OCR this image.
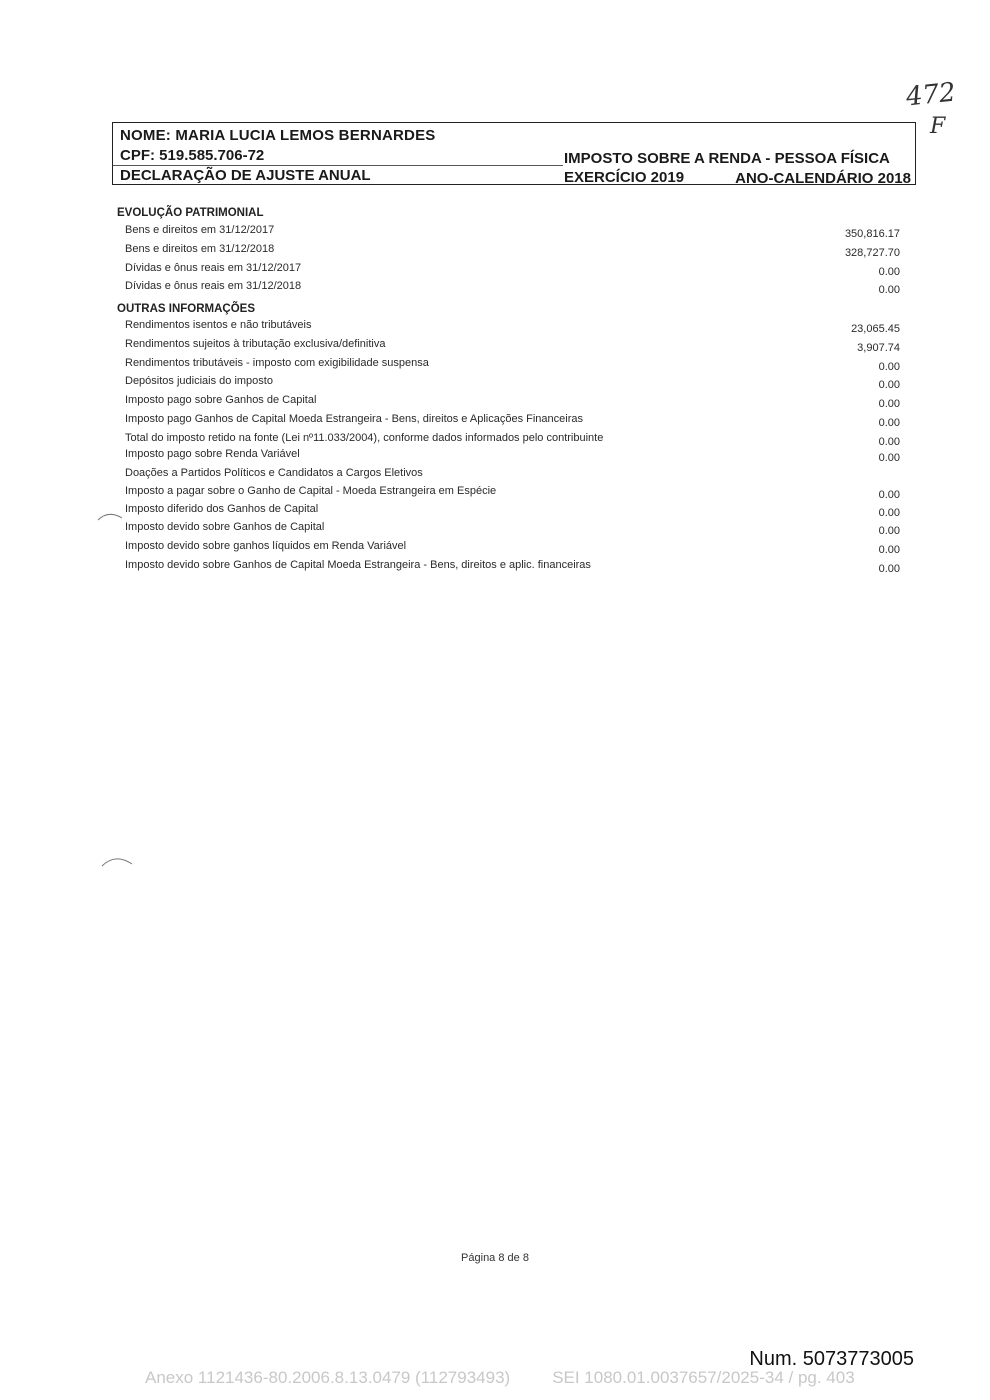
472
F
NOME: MARIA LUCIA LEMOS BERNARDES
CPF: 519.585.706-72
DECLARAÇÃO DE AJUSTE ANUAL
IMPOSTO SOBRE A RENDA - PESSOA FÍSICA
EXERCÍCIO 2019	ANO-CALENDÁRIO 2018
EVOLUÇÃO PATRIMONIAL
Bens e direitos em 31/12/2017	350,816.17
Bens e direitos em 31/12/2018	328,727.70
Dívidas e ônus reais em 31/12/2017	0.00
Dívidas e ônus reais em 31/12/2018	0.00
OUTRAS INFORMAÇÕES
Rendimentos isentos e não tributáveis	23,065.45
Rendimentos sujeitos à tributação exclusiva/definitiva	3,907.74
Rendimentos tributáveis - imposto com exigibilidade suspensa	0.00
Depósitos judiciais do imposto	0.00
Imposto pago sobre Ganhos de Capital	0.00
Imposto pago Ganhos de Capital Moeda Estrangeira - Bens, direitos e Aplicações Financeiras	0.00
Total do imposto retido na fonte (Lei nº11.033/2004), conforme dados informados pelo contribuinte	0.00
Imposto pago sobre Renda Variável	0.00
Doações a Partidos Políticos e Candidatos a Cargos Eletivos
Imposto a pagar sobre o Ganho de Capital - Moeda Estrangeira em Espécie	0.00
Imposto diferido dos Ganhos de Capital	0.00
Imposto devido sobre Ganhos de Capital	0.00
Imposto devido sobre ganhos líquidos em Renda Variável	0.00
Imposto devido sobre Ganhos de Capital Moeda Estrangeira - Bens, direitos e aplic. financeiras	0.00
Página 8 de 8
Num. 5073773005
Anexo 1121436-80.2006.8.13.0479 (112793493) SEI 1080.01.0037657/2025-34 / pg. 403
